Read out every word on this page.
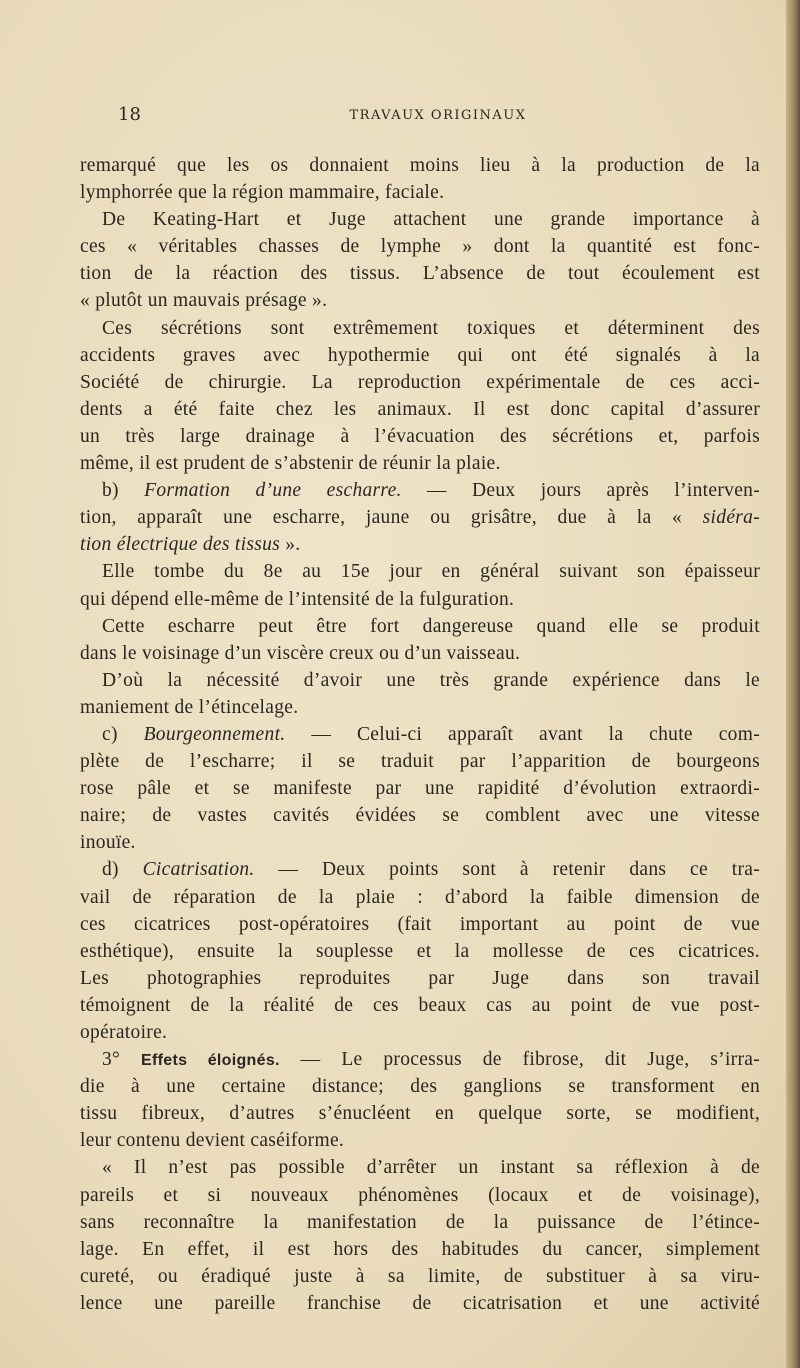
18	TRAVAUX ORIGINAUX
remarqué que les os donnaient moins lieu à la production de la
lymphorrée que la région mammaire, faciale.
De Keating-Hart et Juge attachent une grande importance à
ces « véritables chasses de lymphe » dont la quantité est fonc-
tion de la réaction des tissus. L’absence de tout écoulement est
« plutôt un mauvais présage ».
Ces sécrétions sont extrêmement toxiques et déterminent des
accidents graves avec hypothermie qui ont été signalés à la
Société de chirurgie. La reproduction expérimentale de ces acci-
dents a été faite chez les animaux. Il est donc capital d’assurer
un très large drainage à l’évacuation des sécrétions et, parfois
même, il est prudent de s’abstenir de réunir la plaie.
b) Formation d’une escharre. — Deux jours après l’interven-
tion, apparaît une escharre, jaune ou grisâtre, due à la « sidéra-
tion électrique des tissus ».
Elle tombe du 8e au 15e jour en général suivant son épaisseur
qui dépend elle-même de l’intensité de la fulguration.
Cette escharre peut être fort dangereuse quand elle se produit
dans le voisinage d’un viscère creux ou d’un vaisseau.
D’où la nécessité d’avoir une très grande expérience dans le
maniement de l’étincelage.
c) Bourgeonnement. — Celui-ci apparaît avant la chute com-
plète de l’escharre; il se traduit par l’apparition de bourgeons
rose pâle et se manifeste par une rapidité d’évolution extraordi-
naire; de vastes cavités évidées se comblent avec une vitesse
inouïe.
d) Cicatrisation. — Deux points sont à retenir dans ce tra-
vail de réparation de la plaie : d’abord la faible dimension de
ces cicatrices post-opératoires (fait important au point de vue
esthétique), ensuite la souplesse et la mollesse de ces cicatrices.
Les photographies reproduites par Juge dans son travail
témoignent de la réalité de ces beaux cas au point de vue post-
opératoire.
3° Effets éloignés. — Le processus de fibrose, dit Juge, s’irra-
die à une certaine distance; des ganglions se transforment en
tissu fibreux, d’autres s’énucléent en quelque sorte, se modifient,
leur contenu devient caséiforme.
« Il n’est pas possible d’arrêter un instant sa réflexion à de
pareils et si nouveaux phénomènes (locaux et de voisinage),
sans reconnaître la manifestation de la puissance de l’étince-
lage. En effet, il est hors des habitudes du cancer, simplement
cureté, ou éradiqué juste à sa limite, de substituer à sa viru-
lence une pareille franchise de cicatrisation et une activité
